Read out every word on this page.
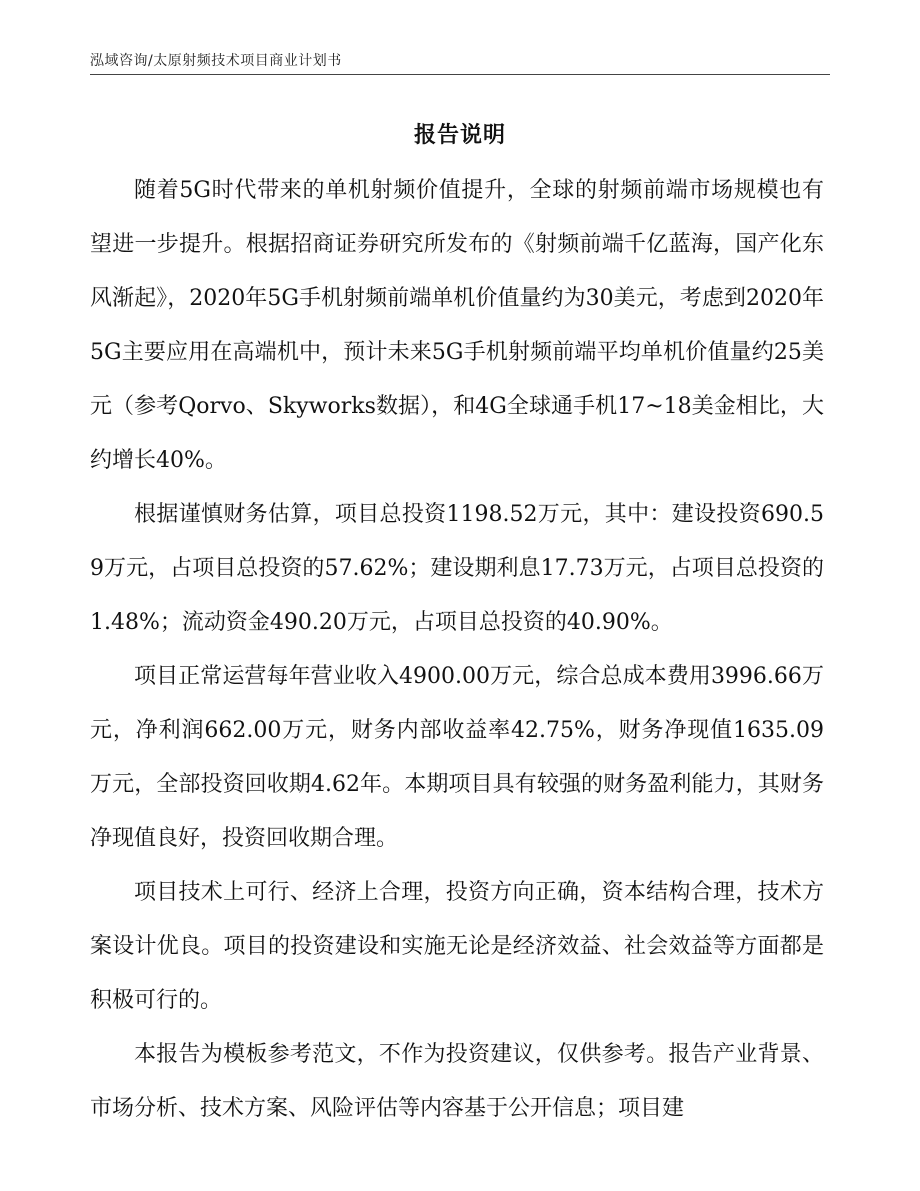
泓域咨询/太原射频技术项目商业计划书
报告说明

随着5G时代带来的单机射频价值提升，全球的射频前端市场规模也有望进一步提升。根据招商证券研究所发布的《射频前端千亿蓝海，国产化东风渐起》，2020年5G手机射频前端单机价值量约为30美元，考虑到2020年5G主要应用在高端机中，预计未来5G手机射频前端平均单机价值量约25美元（参考Qorvo、Skyworks数据），和4G全球通手机17~18美金相比，大约增长40%。

根据谨慎财务估算，项目总投资1198.52万元，其中：建设投资690.59万元，占项目总投资的57.62%；建设期利息17.73万元，占项目总投资的1.48%；流动资金490.20万元，占项目总投资的40.90%。

项目正常运营每年营业收入4900.00万元，综合总成本费用3996.66万元，净利润662.00万元，财务内部收益率42.75%，财务净现值1635.09万元，全部投资回收期4.62年。本期项目具有较强的财务盈利能力，其财务净现值良好，投资回收期合理。

项目技术上可行、经济上合理，投资方向正确，资本结构合理，技术方案设计优良。项目的投资建设和实施无论是经济效益、社会效益等方面都是积极可行的。

本报告为模板参考范文，不作为投资建议，仅供参考。报告产业背景、市场分析、技术方案、风险评估等内容基于公开信息；项目建
